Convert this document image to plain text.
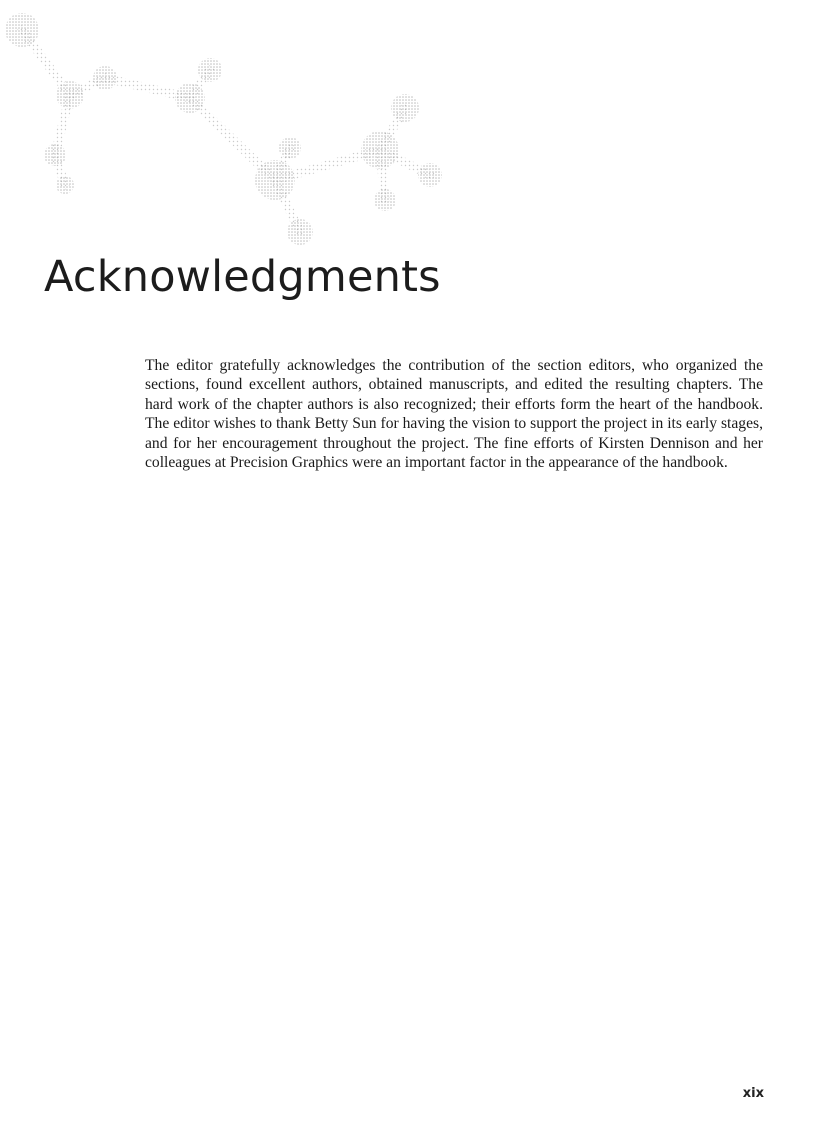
Acknowledgments

The editor gratefully acknowledges the contribution of the section editors, who organized the sections, found excellent authors, obtained manuscripts, and edited the resulting chapters. The hard work of the chapter authors is also recognized; their efforts form the heart of the handbook. The editor wishes to thank Betty Sun for having the vision to support the project in its early stages, and for her encouragement throughout the project. The fine efforts of Kirsten Dennison and her colleagues at Precision Graphics were an important factor in the appearance of the handbook.

xix
